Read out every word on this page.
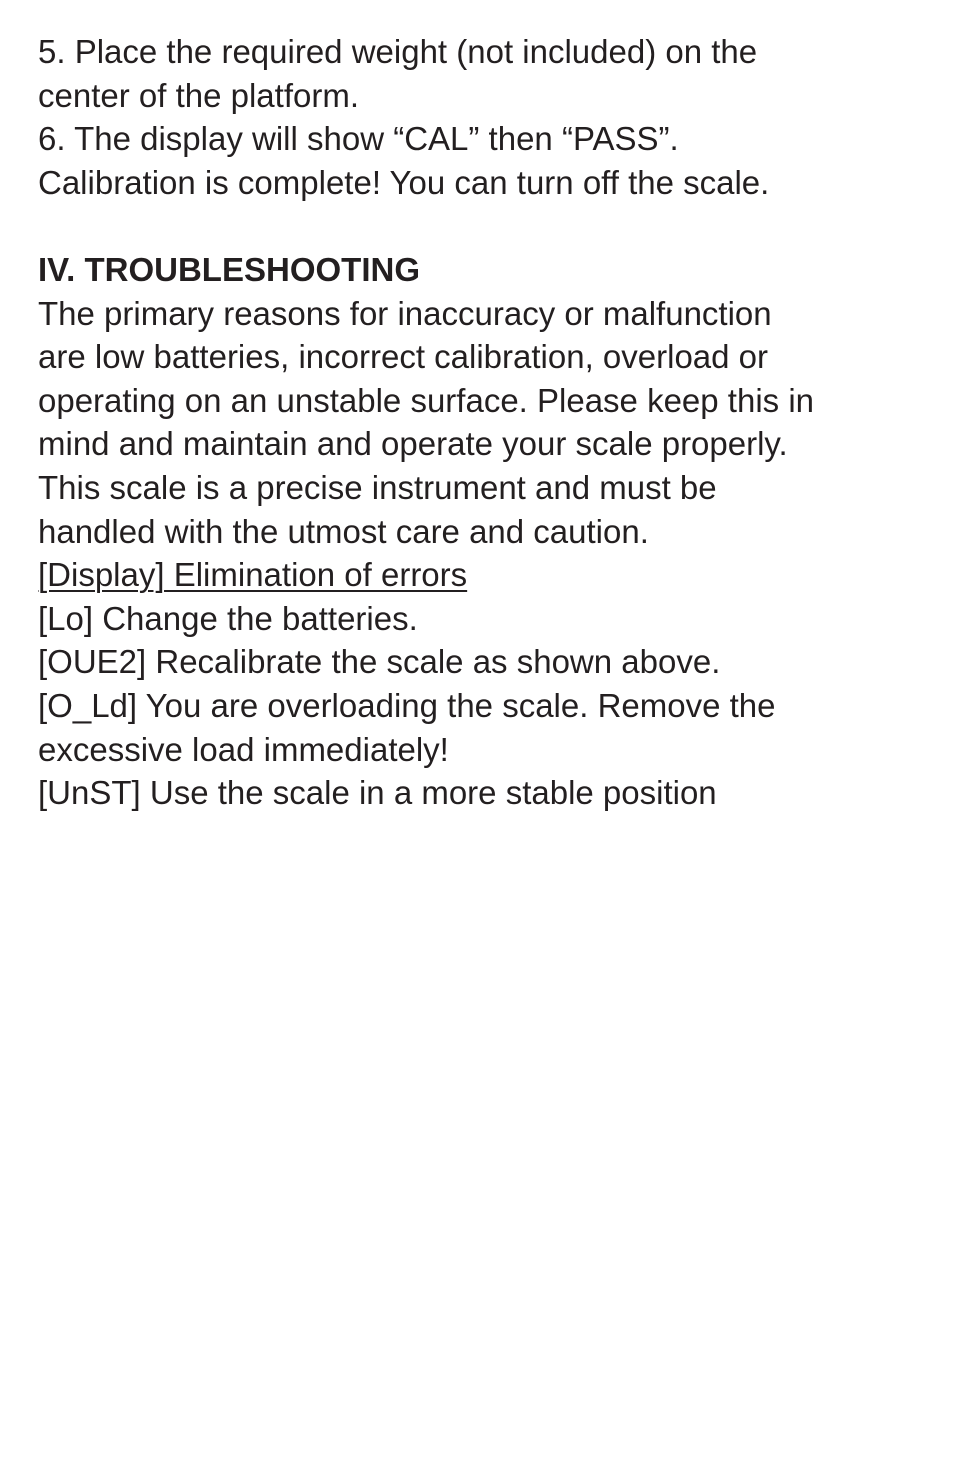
5. Place the required weight (not included) on the
center of the platform.
6. The display will show “CAL” then “PASS”.
Calibration is complete! You can turn off the scale.
IV. TROUBLESHOOTING
The primary reasons for inaccuracy or malfunction
are low batteries, incorrect calibration, overload or
operating on an unstable surface. Please keep this in
mind and maintain and operate your scale properly.
This scale is a precise instrument and must be
handled with the utmost care and caution.
[Display] Elimination of errors
[Lo] Change the batteries.
[OUE2] Recalibrate the scale as shown above.
[O_Ld] You are overloading the scale. Remove the
excessive load immediately!
[UnST] Use the scale in a more stable position
